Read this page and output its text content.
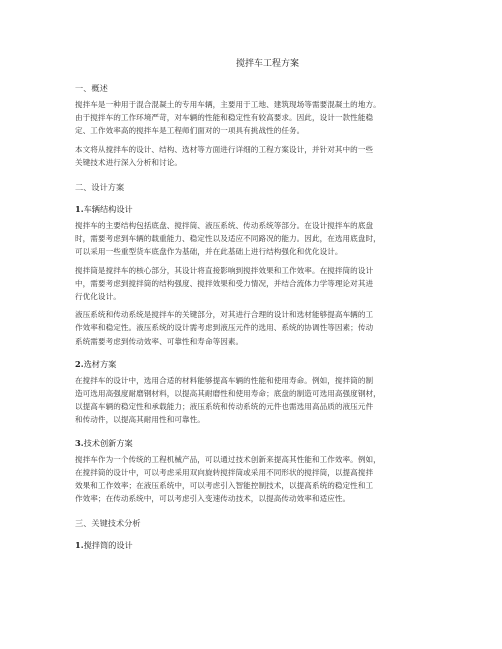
搅拌车工程方案
一、概述

搅拌车是一种用于混合混凝土的专用车辆，主要用于工地、建筑现场等需要混凝土的地方。
由于搅拌车的工作环境严苛，对车辆的性能和稳定性有较高要求。因此，设计一款性能稳
定、工作效率高的搅拌车是工程师们面对的一项具有挑战性的任务。

本文将从搅拌车的设计、结构、选材等方面进行详细的工程方案设计，并针对其中的一些
关键技术进行深入分析和讨论。

二、设计方案
1.车辆结构设计

搅拌车的主要结构包括底盘、搅拌筒、液压系统、传动系统等部分。在设计搅拌车的底盘
时，需要考虑到车辆的载重能力、稳定性以及适应不同路况的能力。因此，在选用底盘时，
可以采用一些重型货车底盘作为基础，并在此基础上进行结构强化和优化设计。

搅拌筒是搅拌车的核心部分，其设计将直接影响到搅拌效果和工作效率。在搅拌筒的设计
中，需要考虑到搅拌筒的结构强度、搅拌效果和受力情况，并结合流体力学等理论对其进
行优化设计。

液压系统和传动系统是搅拌车的关键部分，对其进行合理的设计和选材能够提高车辆的工
作效率和稳定性。液压系统的设计需考虑到液压元件的选用、系统的协调性等因素；传动
系统需要考虑到传动效率、可靠性和寿命等因素。

2.选材方案

在搅拌车的设计中，选用合适的材料能够提高车辆的性能和使用寿命。例如，搅拌筒的制
造可选用高强度耐磨钢材料，以提高其耐磨性和使用寿命；底盘的制造可选用高强度钢材，
以提高车辆的稳定性和承载能力；液压系统和传动系统的元件也需选用高品质的液压元件
和传动件，以提高其耐用性和可靠性。

3.技术创新方案

搅拌车作为一个传统的工程机械产品，可以通过技术创新来提高其性能和工作效率。例如，
在搅拌筒的设计中，可以考虑采用双向旋转搅拌筒或采用不同形状的搅拌筒，以提高搅拌
效果和工作效率；在液压系统中，可以考虑引入智能控制技术，以提高系统的稳定性和工
作效率；在传动系统中，可以考虑引入变速传动技术，以提高传动效率和适应性。

三、关键技术分析
1.搅拌筒的设计
